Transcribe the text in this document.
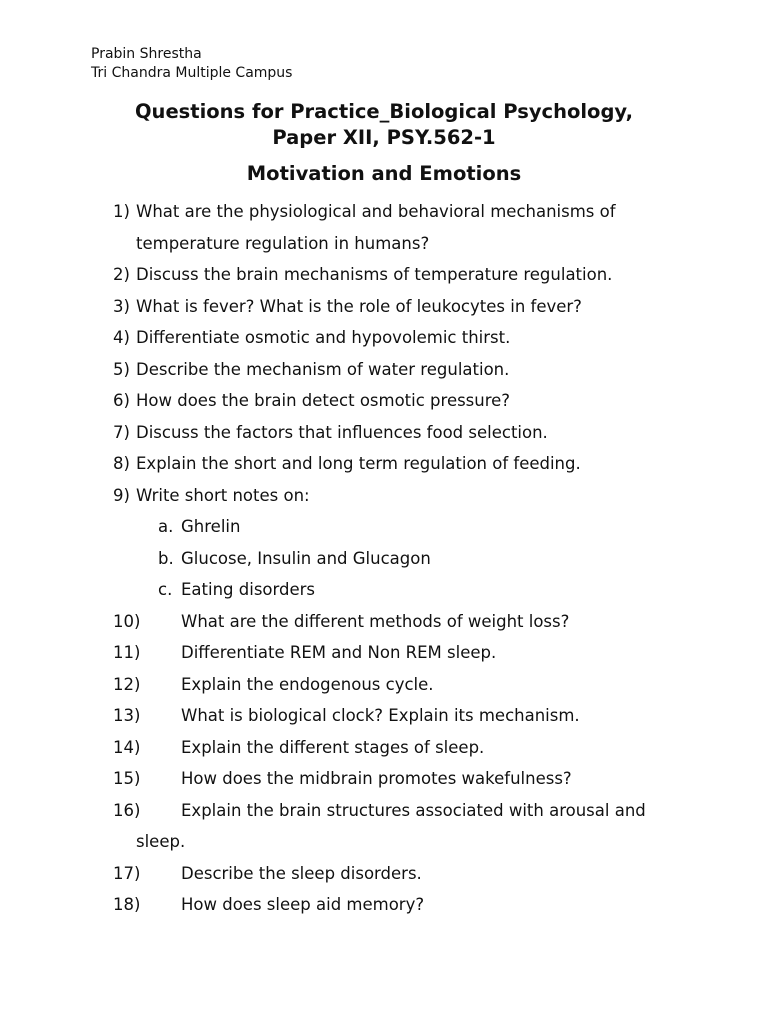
Prabin Shrestha
Tri Chandra Multiple Campus
Questions for Practice_Biological Psychology,
Paper XII, PSY.562-1
Motivation and Emotions
1) What are the physiological and behavioral mechanisms of
temperature regulation in humans?
2) Discuss the brain mechanisms of temperature regulation.
3) What is fever? What is the role of leukocytes in fever?
4) Differentiate osmotic and hypovolemic thirst.
5) Describe the mechanism of water regulation.
6) How does the brain detect osmotic pressure?
7) Discuss the factors that influences food selection.
8) Explain the short and long term regulation of feeding.
9) Write short notes on:
a. Ghrelin
b. Glucose, Insulin and Glucagon
c. Eating disorders
10) What are the different methods of weight loss?
11) Differentiate REM and Non REM sleep.
12) Explain the endogenous cycle.
13) What is biological clock? Explain its mechanism.
14) Explain the different stages of sleep.
15) How does the midbrain promotes wakefulness?
16) Explain the brain structures associated with arousal and
sleep.
17) Describe the sleep disorders.
18) How does sleep aid memory?
